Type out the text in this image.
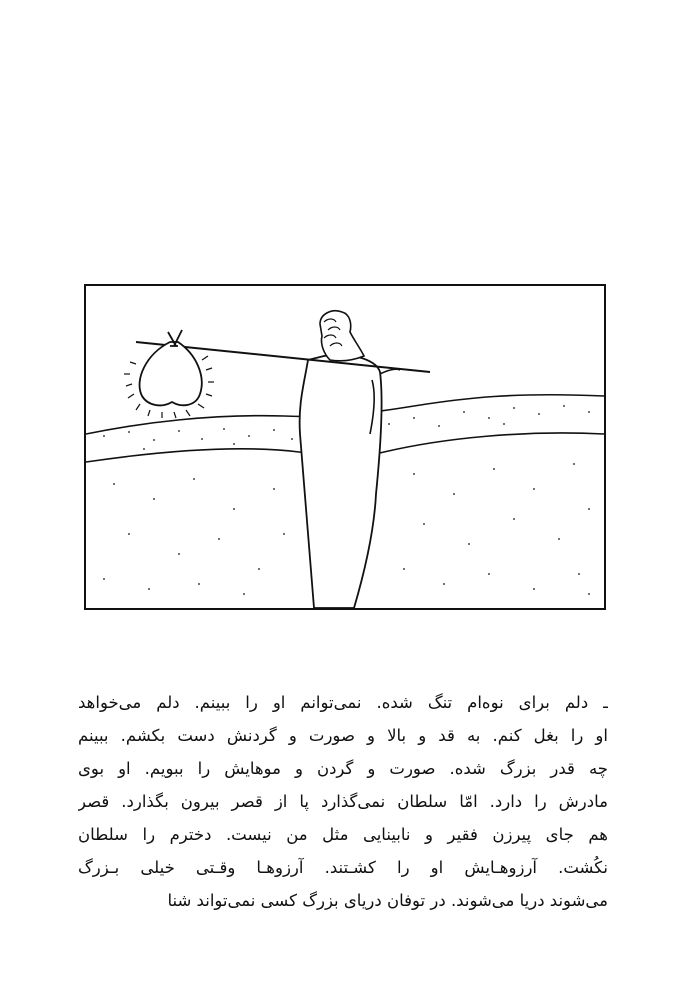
ـ دلم برای نوه‌ام تنگ شده. نمی‌توانم او را ببینم. دلم می‌خواهد
او را بغل کنم. به قد و بالا و صورت و گردنش دست بکشم. ببینم
چه قدر بزرگ شده. صورت و گردن و موهایش را ببویم. او بوی
مادرش را دارد. امّا سلطان نمی‌گذارد پا از قصر بیرون بگذارد. قصر
هم جای پیرزن فقیر و نابینایی مثل من نیست. دخترم را سلطان
نکُشت. آرزوهـایش او را کشـتند. آرزوهـا وقـتی خیلی بـزرگ
می‌شوند دریا می‌شوند. در توفان دریای بزرگ کسی نمی‌تواند شنا
